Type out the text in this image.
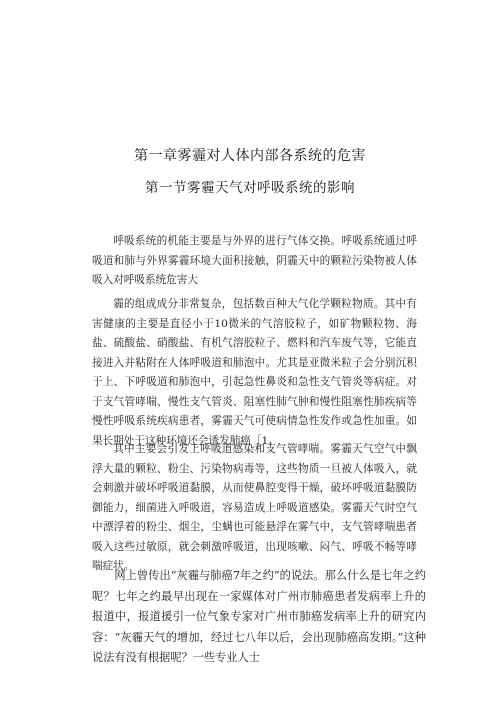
第一章雾霾对人体内部各系统的危害
第一节雾霾天气对呼吸系统的影响

呼吸系统的机能主要是与外界的进行气体交换。呼吸系统通过呼吸道和肺与外界雾霾环境大面积接触，阴霾天中的颗粒污染物被人体吸入对呼吸系统危害大

霾的组成成分非常复杂，包括数百种大气化学颗粒物质。其中有害健康的主要是直径小于10微米的气溶胶粒子，如矿物颗粒物、海盐、硫酸盐、硝酸盐、有机气溶胶粒子、燃料和汽车废气等，它能直接进入并粘附在人体呼吸道和肺泡中。尤其是亚微米粒子会分别沉积于上、下呼吸道和肺泡中，引起急性鼻炎和急性支气管炎等病症。对于支气管哮喘、慢性支气管炎、阻塞性肺气肿和慢性阻塞性肺疾病等慢性呼吸系统疾病患者，雾霾天气可使病情急性发作或急性加重。如果长期处于这种环境还会诱发肺癌［1。

其中主要会引发上呼吸道感染和支气管哮喘。雾霾天气空气中飘浮大量的颗粒、粉尘、污染物病毒等，这些物质一旦被人体吸入，就会刺激并破坏呼吸道黏膜，从而使鼻腔变得干燥，破坏呼吸道黏膜防御能力，细菌进入呼吸道，容易造成上呼吸道感染。雾霾天气时空气中漂浮着的粉尘、烟尘，尘螨也可能悬浮在雾气中，支气管哮喘患者吸入这些过敏原，就会刺激呼吸道，出现咳嗽、闷气、呼吸不畅等哮喘症状。

网上曾传出“灰霾与肺癌7年之约”的说法。那么什么是七年之约呢？七年之约最早出现在一家媒体对广州市肺癌患者发病率上升的报道中，报道援引一位气象专家对广州市肺癌发病率上升的研究内容：“灰霾天气的增加，经过七八年以后，会出现肺癌高发期。”这种说法有没有根据呢？一些专业人士
